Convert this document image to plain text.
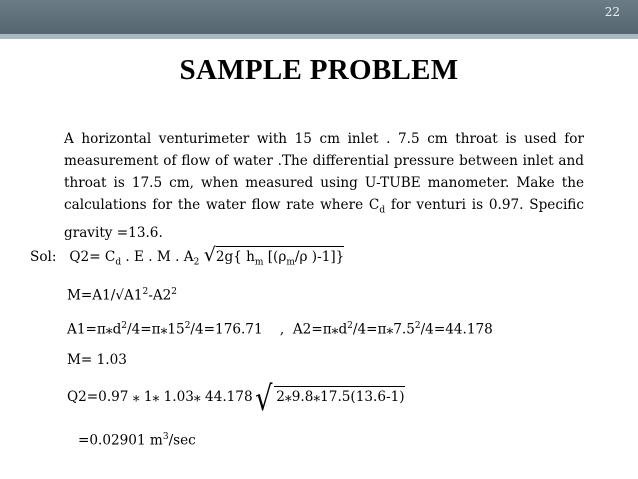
22
SAMPLE PROBLEM
A horizontal venturimeter with 15 cm inlet . 7.5 cm throat is used for measurement of flow of water .The differential pressure between inlet and throat is 17.5 cm, when measured using U-TUBE manometer. Make the calculations for the water flow rate where $C_d$ for venturi is 0.97. Specific gravity =13.6.
Sol: $Q2= C_d$ . E . M . $A_2$ √2g{ $h_m$ [($\rho_m/\rho$ )-1]}
$M=A1/√A1^2-A2^2$
$A1=\pi⁎d^2/4=\pi⁎15^2/4=176.71$    ,  $A2=\pi⁎d^2/4=\pi⁎7.5^2/4=44.178$
M= 1.03
Q2=0.97 ⁎ 1⁎ 1.03⁎ 44.178√ 2⁎9.8⁎17.5(13.6-1)
=0.02901 $m^3/\sec$
